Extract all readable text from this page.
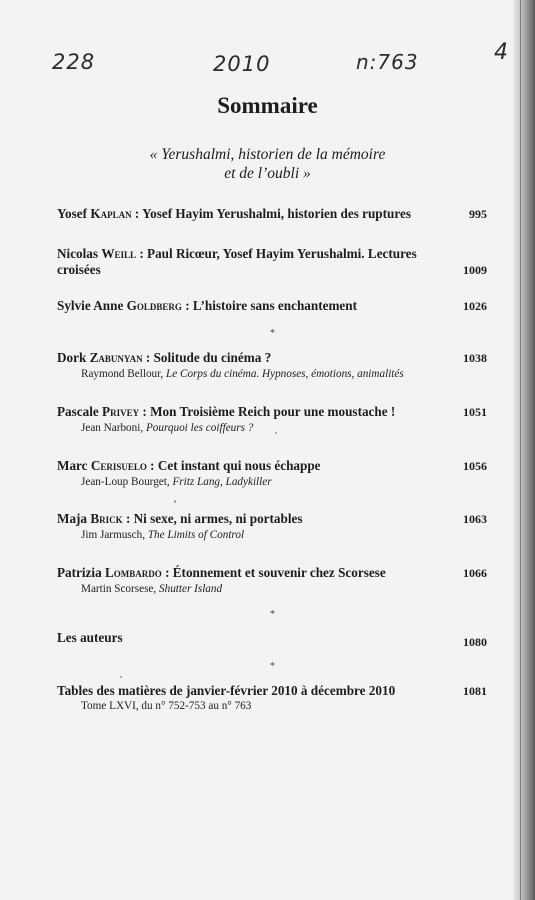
228	2010	n:763	4
Sommaire
« Yerushalmi, historien de la mémoire
et de l’oubli »
Yosef Kaplan : Yosef Hayim Yerushalmi, historien des ruptures	995
Nicolas Weill : Paul Ricœur, Yosef Hayim Yerushalmi. Lectures croisées	1009
Sylvie Anne Goldberg : L’histoire sans enchantement	1026
*
Dork Zabunyan : Solitude du cinéma ?	1038
Raymond Bellour, Le Corps du cinéma. Hypnoses, émotions, animalités
Pascale Privey : Mon Troisième Reich pour une moustache !	1051
Jean Narboni, Pourquoi les coiffeurs ?
Marc Cerisuelo : Cet instant qui nous échappe	1056
Jean-Loup Bourget, Fritz Lang, Ladykiller
Maja Brick : Ni sexe, ni armes, ni portables	1063
Jim Jarmusch, The Limits of Control
Patrizia Lombardo : Étonnement et souvenir chez Scorsese	1066
Martin Scorsese, Shutter Island
*
Les auteurs	1080
*
Tables des matières de janvier-février 2010 à décembre 2010	1081
Tome LXVI, du n° 752-753 au n° 763
